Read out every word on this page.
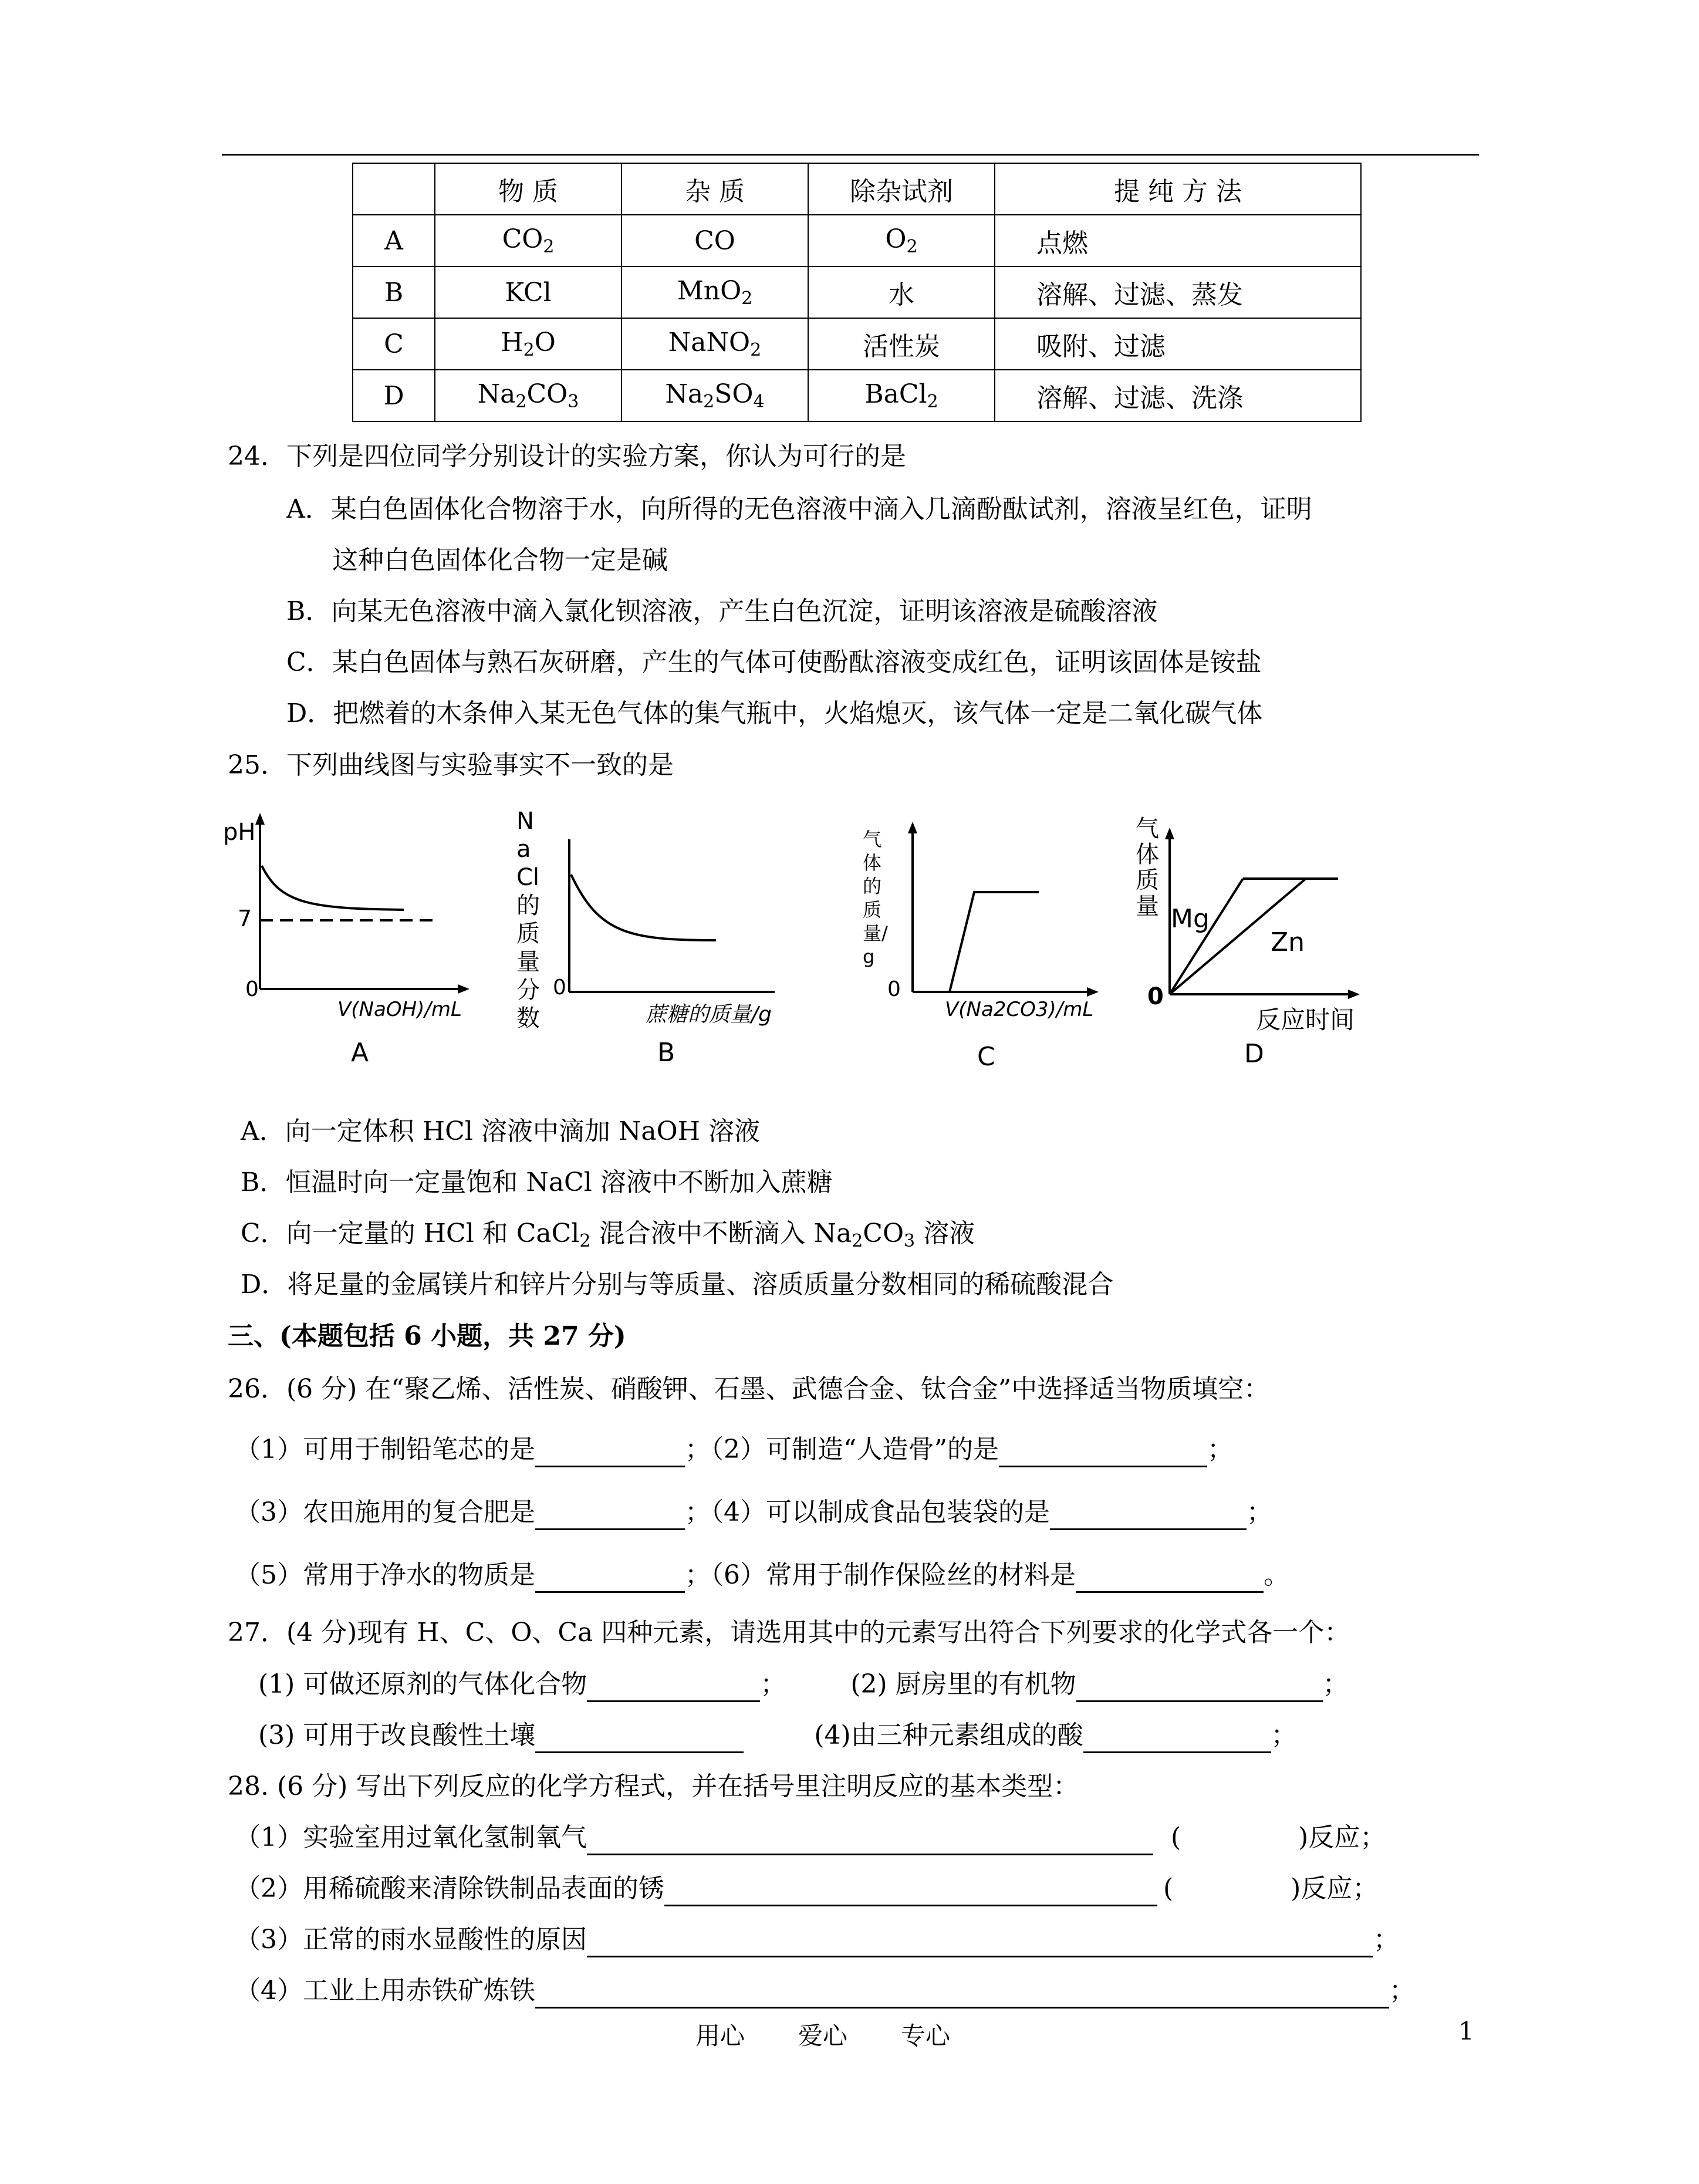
	物 质	杂 质	除杂试剂	提 纯 方 法
A	$CO_2$	CO	$O_2$	点燃
B	KCl	MnO$_2$	水	溶解、过滤、蒸发
C	$H_2O$	NaNO$_2$	活性炭	吸附、过滤
D	$Na_2CO_3$	$Na_2SO_4$	BaCl$_2$	溶解、过滤、洗涤
24．下列是四位同学分别设计的实验方案，你认为可行的是
A．某白色固体化合物溶于水，向所得的无色溶液中滴入几滴酚酞试剂，溶液呈红色，证明
这种白色固体化合物一定是碱
B．向某无色溶液中滴入氯化钡溶液，产生白色沉淀，证明该溶液是硫酸溶液
C．某白色固体与熟石灰研磨，产生的气体可使酚酞溶液变成红色，证明该固体是铵盐
D．把燃着的木条伸入某无色气体的集气瓶中，火焰熄灭，该气体一定是二氧化碳气体
25．下列曲线图与实验事实不一致的是
pH
7
0
V(NaOH)/mL
A
NaCl的质量分数
0
蔗糖的质量/g
B
气体的质量/g
0
V(Na2CO3)/mL
C
气体质量
0
Mg
Zn
反应时间
D
A．向一定体积 HCl 溶液中滴加 NaOH 溶液
B．恒温时向一定量饱和 NaCl 溶液中不断加入蔗糖
C．向一定量的 HCl 和 CaCl$_2$ 混合液中不断滴入 $Na_2CO_3$ 溶液
D．将足量的金属镁片和锌片分别与等质量、溶质质量分数相同的稀硫酸混合
三、(本题包括 6 小题，共 27 分)
26．(6 分) 在“聚乙烯、活性炭、硝酸钾、石墨、武德合金、钛合金”中选择适当物质填空：
（1）可用于制铅笔芯的是	；（2）可制造“人造骨”的是	；
（3）农田施用的复合肥是	；（4）可以制成食品包装袋的是	；
（5）常用于净水的物质是	；（6）常用于制作保险丝的材料是	。
27．(4 分)现有 H、C、O、Ca 四种元素，请选用其中的元素写出符合下列要求的化学式各一个：
(1) 可做还原剂的气体化合物	；	(2) 厨房里的有机物	；
(3) 可用于改良酸性土壤	(4)由三种元素组成的酸	；
28. (6 分) 写出下列反应的化学方程式，并在括号里注明反应的基本类型：
（1）实验室用过氧化氢制氧气	(	)反应；
（2）用稀硫酸来清除铁制品表面的锈	(	)反应；
（3）正常的雨水显酸性的原因	；
（4）工业上用赤铁矿炼铁	；
用心 爱心 专心	1
